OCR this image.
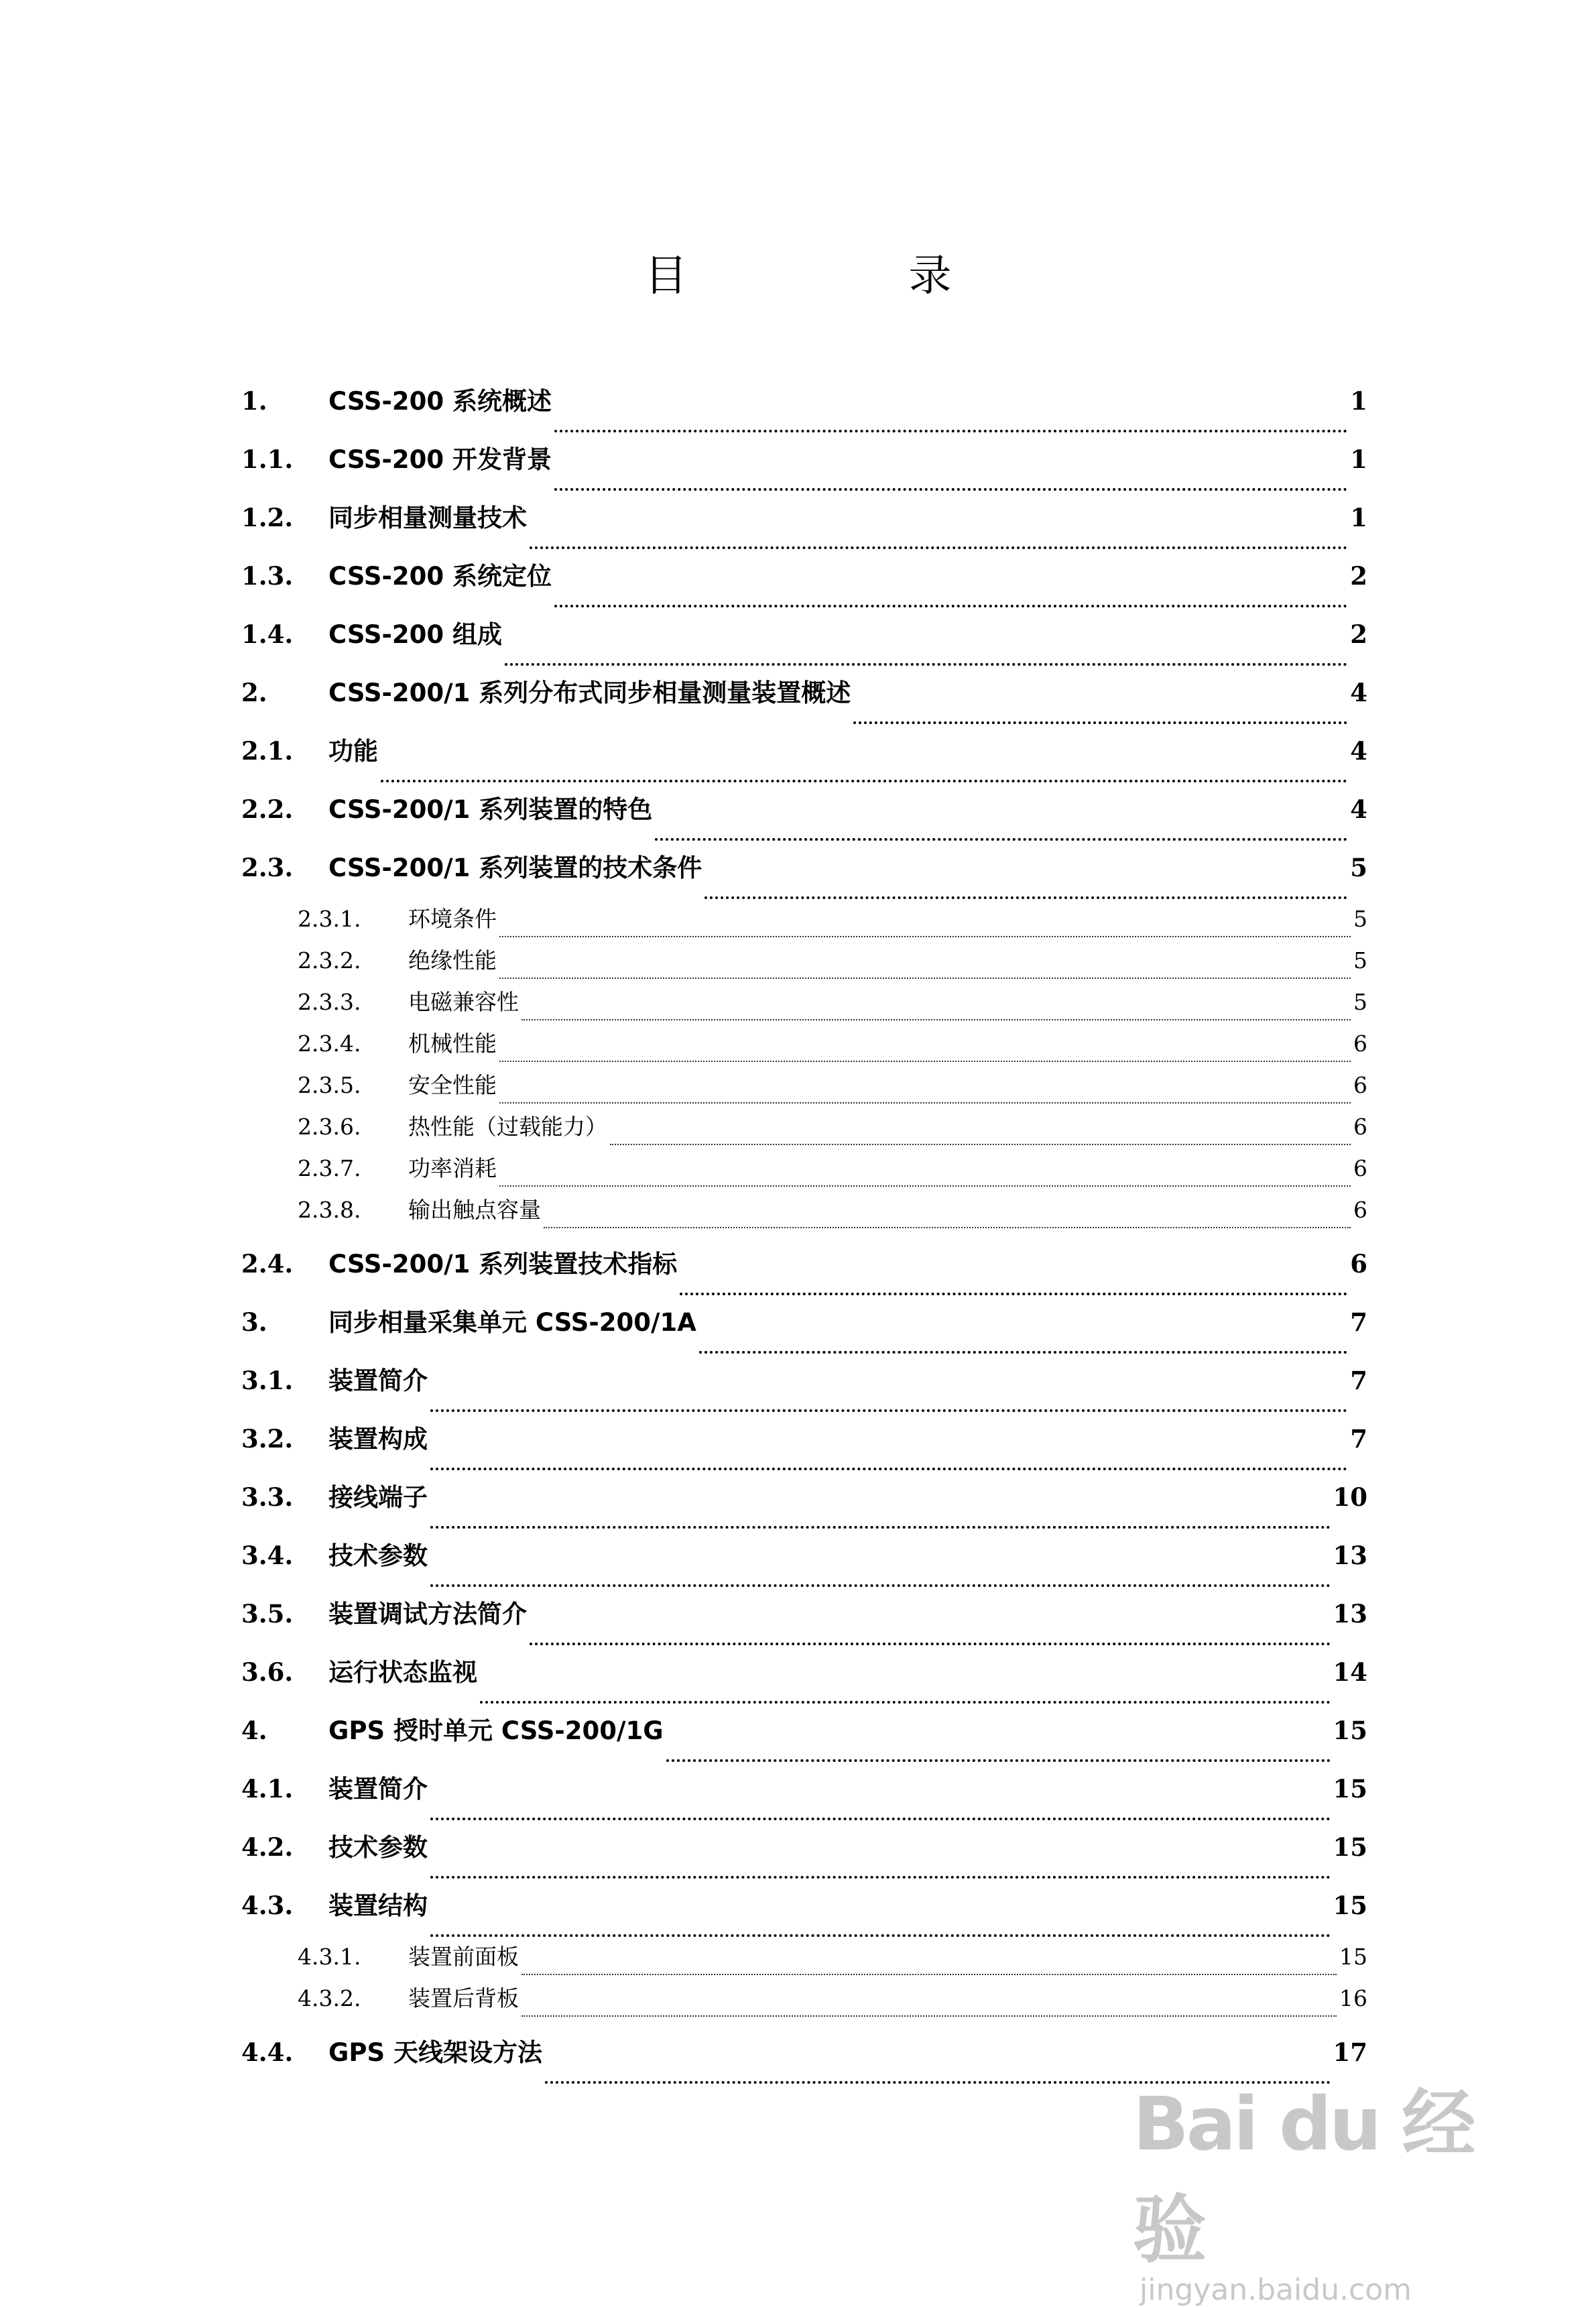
目	录
1.	CSS-200 系统概述	1
1.1.	CSS-200 开发背景	1
1.2.	同步相量测量技术	1
1.3.	CSS-200 系统定位	2
1.4.	CSS-200 组成	2
2.	CSS-200/1 系列分布式同步相量测量装置概述	4
2.1.	功能	4
2.2.	CSS-200/1 系列装置的特色	4
2.3.	CSS-200/1 系列装置的技术条件	5
2.3.1.	环境条件	5
2.3.2.	绝缘性能	5
2.3.3.	电磁兼容性	5
2.3.4.	机械性能	6
2.3.5.	安全性能	6
2.3.6.	热性能（过载能力）	6
2.3.7.	功率消耗	6
2.3.8.	输出触点容量	6
2.4.	CSS-200/1 系列装置技术指标	6
3.	同步相量采集单元 CSS-200/1A	7
3.1.	装置简介	7
3.2.	装置构成	7
3.3.	接线端子	10
3.4.	技术参数	13
3.5.	装置调试方法简介	13
3.6.	运行状态监视	14
4.	GPS 授时单元 CSS-200/1G	15
4.1.	装置简介	15
4.2.	技术参数	15
4.3.	装置结构	15
4.3.1.	装置前面板	15
4.3.2.	装置后背板	16
4.4.	GPS 天线架设方法	17
Bai du 经验
jingyan.baidu.com
